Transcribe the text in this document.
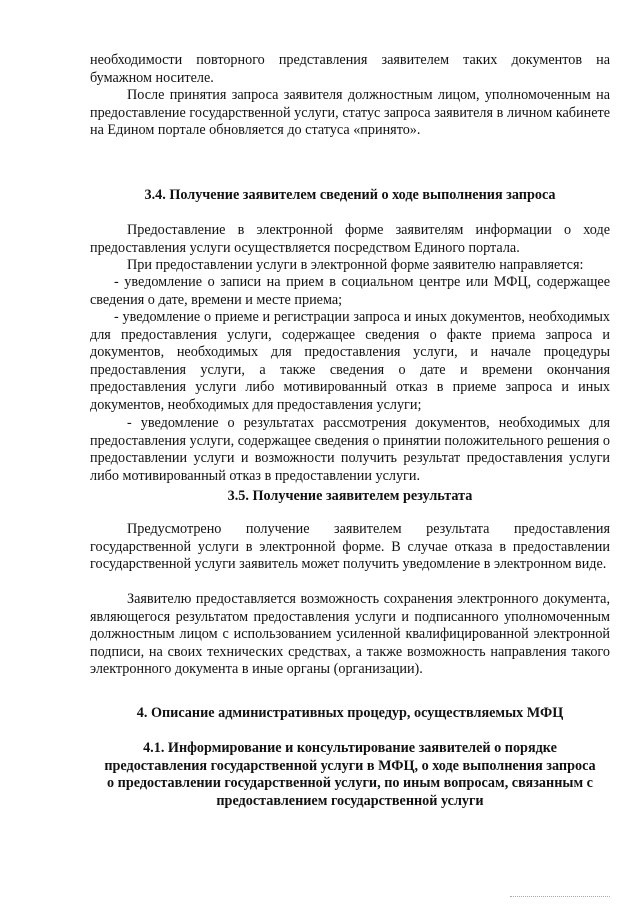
необходимости повторного представления заявителем таких документов на бумажном носителе.

После принятия запроса заявителя должностным лицом, уполномоченным на предоставление государственной услуги, статус запроса заявителя в личном кабинете на Едином портале обновляется до статуса «принято».

3.4. Получение заявителем сведений о ходе выполнения запроса

Предоставление в электронной форме заявителям информации о ходе предоставления услуги осуществляется посредством Единого портала.

При предоставлении услуги в электронной форме заявителю направляется:

- уведомление о записи на прием в социальном центре или МФЦ, содержащее сведения о дате, времени и месте приема;

- уведомление о приеме и регистрации запроса и иных документов, необходимых для предоставления услуги, содержащее сведения о факте приема запроса и документов, необходимых для предоставления услуги, и начале процедуры предоставления услуги, а также сведения о дате и времени окончания предоставления услуги либо мотивированный отказ в приеме запроса и иных документов, необходимых для предоставления услуги;

- уведомление о результатах рассмотрения документов, необходимых для предоставления услуги, содержащее сведения о принятии положительного решения о предоставлении услуги и возможности получить результат предоставления услуги либо мотивированный отказ в предоставлении услуги.

3.5. Получение заявителем результата

Предусмотрено получение заявителем результата предоставления государственной услуги в электронной форме. В случае отказа в предоставлении государственной услуги заявитель может получить уведомление в электронном виде.

Заявителю предоставляется возможность сохранения электронного документа, являющегося результатом предоставления услуги и подписанного уполномоченным должностным лицом с использованием усиленной квалифицированной электронной подписи, на своих технических средствах, а также возможность направления такого электронного документа в иные органы (организации).

4. Описание административных процедур, осуществляемых МФЦ

4.1. Информирование и консультирование заявителей о порядке предоставления государственной услуги в МФЦ, о ходе выполнения запроса о предоставлении государственной услуги, по иным вопросам, связанным с предоставлением государственной услуги
